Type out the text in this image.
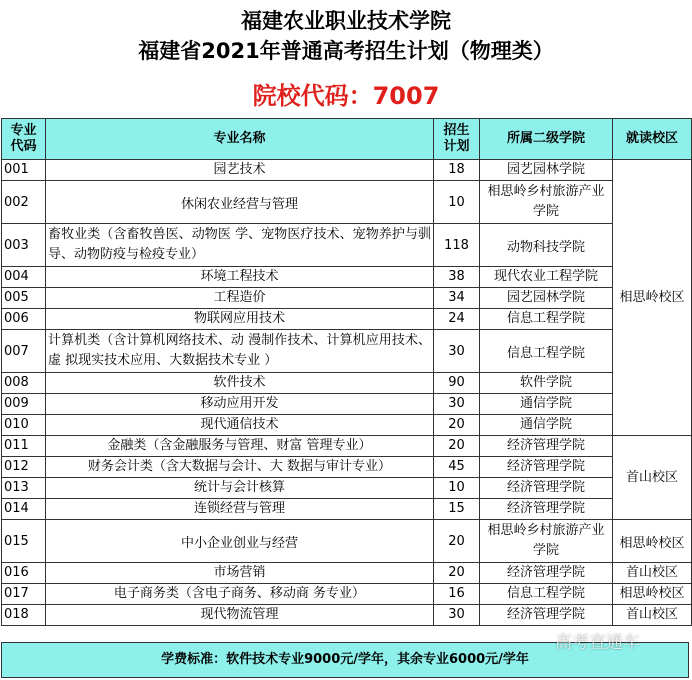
福建农业职业技术学院
福建省2021年普通高考招生计划（物理类）
院校代码：7007
专业
代码	专业名称	招生
计划	所属二级学院	就读校区
001	园艺技术	18	园艺园林学院	相思岭校区
002	休闲农业经营与管理	10	相思岭乡村旅游产业学院	
003	畜牧业类（含畜牧兽医、动物医 学、宠物医疗技术、宠物养护与驯 导、动物防疫与检疫专业）	118	动物科技学院	
004	环境工程技术	38	现代农业工程学院	
005	工程造价	34	园艺园林学院	
006	物联网应用技术	24	信息工程学院	
007	计算机类（含计算机网络技术、动 漫制作技术、计算机应用技术、虚 拟现实技术应用、大数据技术专业 ）	30	信息工程学院	
008	软件技术	90	软件学院	
009	移动应用开发	30	通信学院	
010	现代通信技术	20	通信学院	
011	金融类（含金融服务与管理、财富 管理专业）	20	经济管理学院	首山校区
012	财务会计类（含大数据与会计、大 数据与审计专业）	45	经济管理学院	
013	统计与会计核算	10	经济管理学院	
014	连锁经营与管理	15	经济管理学院	
015	中小企业创业与经营	20	相思岭乡村旅游产业学院	相思岭校区
016	市场营销	20	经济管理学院	首山校区
017	电子商务类（含电子商务、移动商 务专业）	16	信息工程学院	相思岭校区
018	现代物流管理	30	经济管理学院	首山校区
学费标准：软件技术专业9000元/学年，其余专业6000元/学年
高考直通车
